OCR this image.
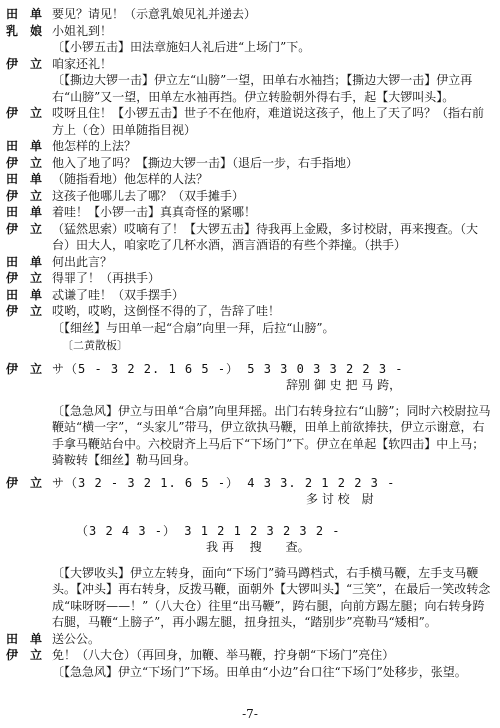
田　单 要见？请见！（示意乳娘见礼并递去）
乳　娘 小姐礼到！
〔【小锣五击】田法章施妇人礼后进“上场门”下。
伊　立 咱家还礼！
〔【撕边大锣一击】伊立左“山膀”一望，田单右水袖挡；【撕边大锣一击】伊立再右“山膀”又一望，田单左水袖再挡。伊立转脸朝外得右手，起【大锣叫头】。
伊　立 哎呀且住！【小锣五击】世子不在他府，难道说这孩子，他上了天了吗？（指右前方上（仓）田单随指目视）
田　单 他怎样的上法？
伊　立 他入了地了吗？【撕边大锣一击】（退后一步，右手指地）
田　单 （随指看地）他怎样的人法？
伊　立 这孩子他哪儿去了哪？（双手摊手）
田　单 着哇！【小锣一击】真真奇怪的紧哪！
伊　立 （猛然思索）哎嘀有了！【大锣五击】待我再上金殿，多讨校尉，再来搜查。（大台）田大人，咱家吃了几杯水酒，酒言酒语的有些个莽撞。（拱手）
田　单 何出此言？
伊　立 得罪了！（再拱手）
田　单 忒谦了哇！（双手摆手）
伊　立 哎哟，哎哟，这倒怪不得的了，告辞了哇！
〔【细丝】与田单一起“合扇”向里一拜，后拉“山膀”。
〔二黄散板〕
伊　立 サ（5 - 3 2 2. 1 6 5 -） 5 3 3 0 3 3 2 2 3 -
辞别 御 史 把 马 跨，
〔【急急风】伊立与田单“合扇”向里拜摇。出门右转身拉右“山膀”；同时六校尉拉马鞭站“横一字”，“头家儿”带马，伊立欲执马鞭，田单上前欲捧扶，伊立示谢意，右手拿马鞭站台中。六校尉齐上马后下“下场门”下。伊立在单起【软四击】中上马；骑鞍转【细丝】勒马回身。
伊　立 サ（3 2 - 3 2 1. 6 5 -） 4 3 3. 2 1 2 2 3 -
多 讨 校　尉
（3 2 4 3 -） 3 1 2 1 2 3 2 3 2 -
我 再 　搜　　查。
〔【大锣收头】伊立左转身，面向“下场门”骑马蹲档式，右手横马鞭，左手支马鞭头。【冲头】再右转身，反拨马鞭，面朝外【大锣叫头】“三笑”，在最后一笑改转念成“味呀呀——！”（八大仓）往里“出马鞭”，跨右腿，向前方踢左腿；向右转身跨右腿，马鞭“上膀子”，再小踢左腿，扭身扭头，“踏别步”亮勒马“矮相”。
田　单 送公公。
伊　立 免！（八大仓）（再回身，加鞭、举马鞭，拧身朝“下场门”亮住）
〔【急急风】伊立“下场门”下场。田单由“小边”台口往“下场门”处移步，张望。
-7-
